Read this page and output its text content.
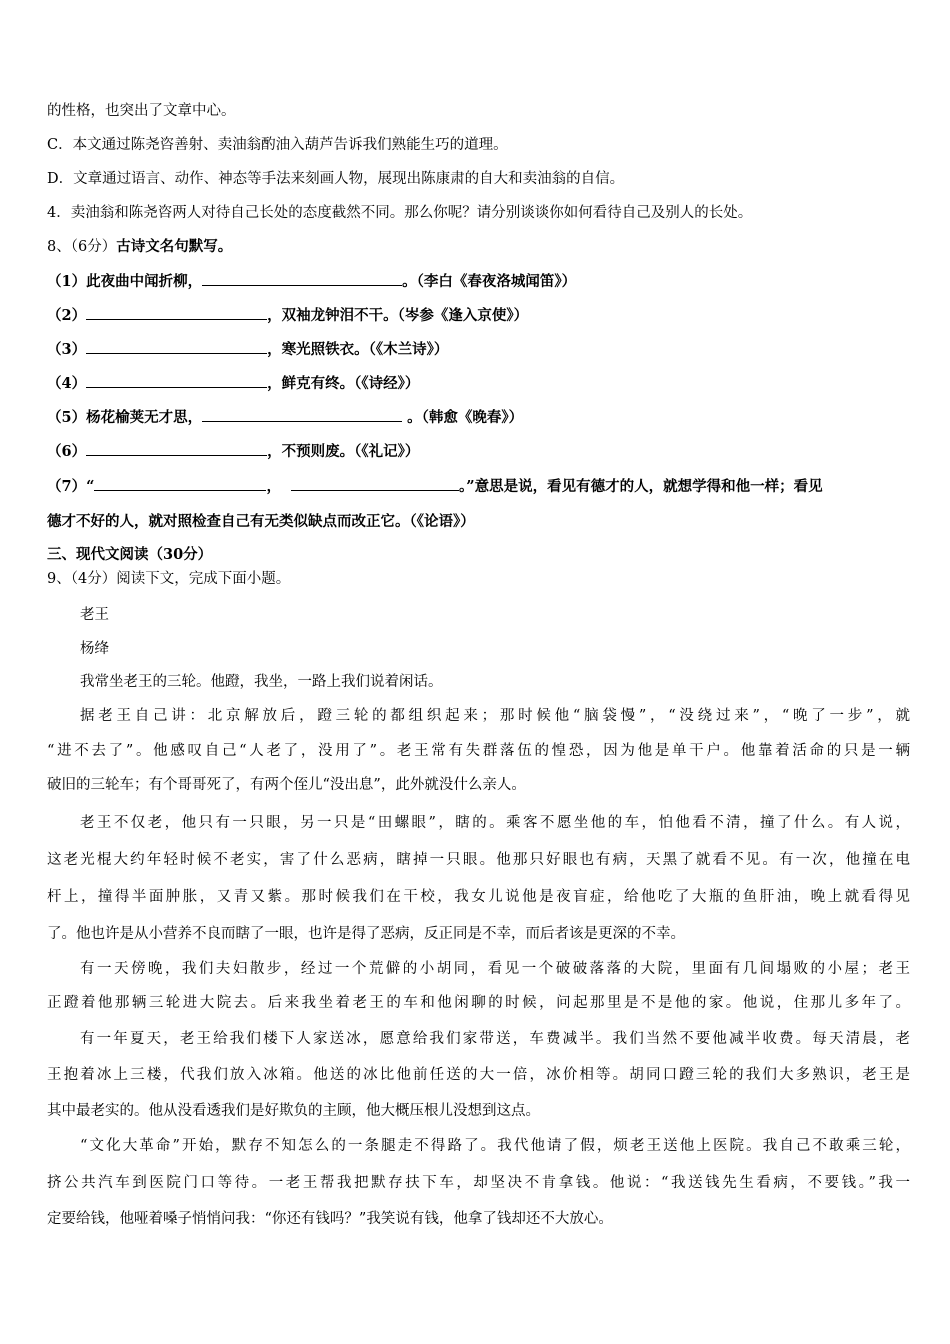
的性格，也突出了文章中心。
C．本文通过陈尧咨善射、卖油翁酌油入葫芦告诉我们熟能生巧的道理。
D．文章通过语言、动作、神态等手法来刻画人物，展现出陈康肃的自大和卖油翁的自信。
4．卖油翁和陈尧咨两人对待自己长处的态度截然不同。那么你呢？请分别谈谈你如何看待自己及别人的长处。
8、（6分）古诗文名句默写。
（1）此夜曲中闻折柳，	。（李白《春夜洛城闻笛》）
（2）	，双袖龙钟泪不干。（岑参《逢入京使》）
（3）	，寒光照铁衣。（《木兰诗》）
（4）	，鲜克有终。（《诗经》）
（5）杨花榆荚无才思，	。（韩愈《晚春》）
（6）	，不预则废。（《礼记》）
（7）“	，	。”意思是说，看见有德才的人，就想学得和他一样；看见
德才不好的人，就对照检查自己有无类似缺点而改正它。（《论语》）
三、现代文阅读（30分）
9、（4分）阅读下文，完成下面小题。
老王
杨绛
我常坐老王的三轮。他蹬，我坐，一路上我们说着闲话。
据老王自己讲：北京解放后，蹬三轮的都组织起来；那时候他“脑袋慢”，“没绕过来”，“晚了一步”，就
“进不去了”。他感叹自己“人老了，没用了”。老王常有失群落伍的惶恐，因为他是单干户。他靠着活命的只是一辆
破旧的三轮车；有个哥哥死了，有两个侄儿“没出息”，此外就没什么亲人。
老王不仅老，他只有一只眼，另一只是“田螺眼”，瞎的。乘客不愿坐他的车，怕他看不清，撞了什么。有人说，
这老光棍大约年轻时候不老实，害了什么恶病，瞎掉一只眼。他那只好眼也有病，天黑了就看不见。有一次，他撞在电
杆上，撞得半面肿胀，又青又紫。那时候我们在干校，我女儿说他是夜盲症，给他吃了大瓶的鱼肝油，晚上就看得见
了。他也许是从小营养不良而瞎了一眼，也许是得了恶病，反正同是不幸，而后者该是更深的不幸。
有一天傍晚，我们夫妇散步，经过一个荒僻的小胡同，看见一个破破落落的大院，里面有几间塌败的小屋；老王
正蹬着他那辆三轮进大院去。后来我坐着老王的车和他闲聊的时候，问起那里是不是他的家。他说，住那儿多年了。
有一年夏天，老王给我们楼下人家送冰，愿意给我们家带送，车费减半。我们当然不要他减半收费。每天清晨，老
王抱着冰上三楼，代我们放入冰箱。他送的冰比他前任送的大一倍，冰价相等。胡同口蹬三轮的我们大多熟识，老王是
其中最老实的。他从没看透我们是好欺负的主顾，他大概压根儿没想到这点。
“文化大革命”开始，默存不知怎么的一条腿走不得路了。我代他请了假，烦老王送他上医院。我自己不敢乘三轮，
挤公共汽车到医院门口等待。一老王帮我把默存扶下车，却坚决不肯拿钱。他说：“我送钱先生看病，不要钱。”我一
定要给钱，他哑着嗓子悄悄问我：“你还有钱吗？”我笑说有钱，他拿了钱却还不大放心。
